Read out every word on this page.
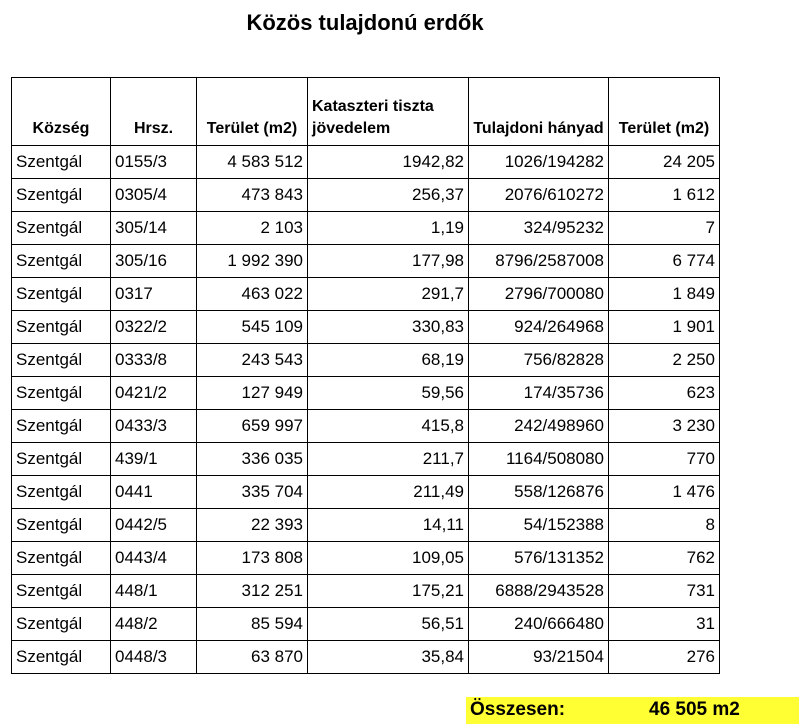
Közös tulajdonú erdők
Község	Hrsz.	Terület (m2)	Kataszteri tiszta jövedelem	Tulajdoni hányad	Terület (m2)
Szentgál	0155/3	4 583 512	1942,82	1026/194282	24 205
Szentgál	0305/4	473 843	256,37	2076/610272	1 612
Szentgál	305/14	2 103	1,19	324/95232	7
Szentgál	305/16	1 992 390	177,98	8796/2587008	6 774
Szentgál	0317	463 022	291,7	2796/700080	1 849
Szentgál	0322/2	545 109	330,83	924/264968	1 901
Szentgál	0333/8	243 543	68,19	756/82828	2 250
Szentgál	0421/2	127 949	59,56	174/35736	623
Szentgál	0433/3	659 997	415,8	242/498960	3 230
Szentgál	439/1	336 035	211,7	1164/508080	770
Szentgál	0441	335 704	211,49	558/126876	1 476
Szentgál	0442/5	22 393	14,11	54/152388	8
Szentgál	0443/4	173 808	109,05	576/131352	762
Szentgál	448/1	312 251	175,21	6888/2943528	731
Szentgál	448/2	85 594	56,51	240/666480	31
Szentgál	0448/3	63 870	35,84	93/21504	276
Összesen:	46 505 m2
